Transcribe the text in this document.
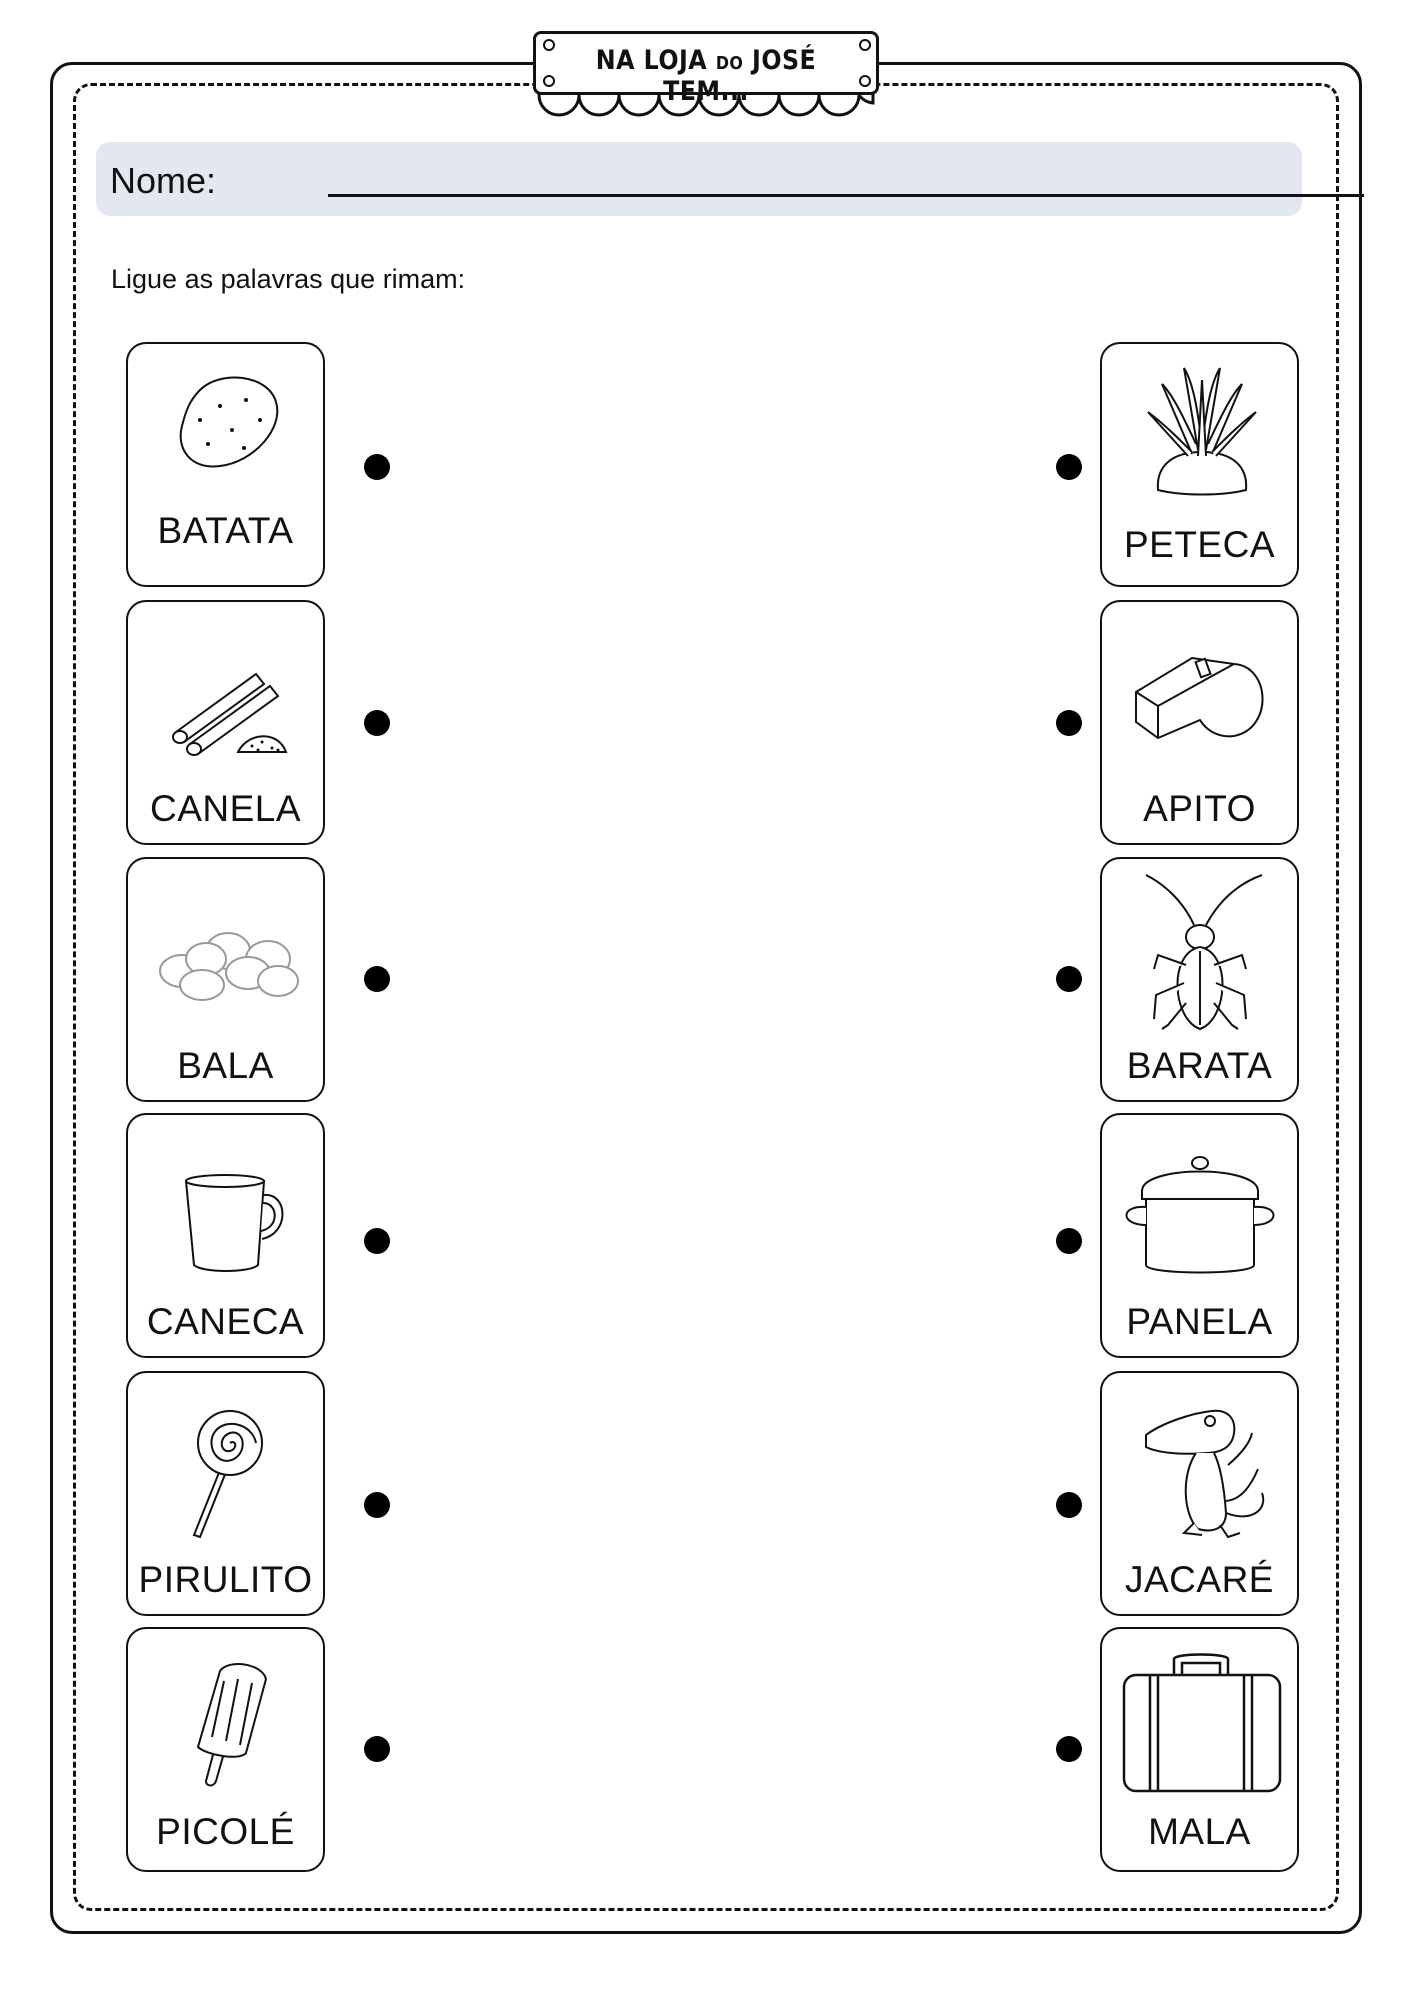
NA LOJA DO JOSÉ TEM...
Nome:
Ligue as palavras que rimam:
BATATA
CANELA
BALA
CANECA
PIRULITO
PICOLÉ
PETECA
APITO
BARATA
PANELA
JACARÉ
MALA
